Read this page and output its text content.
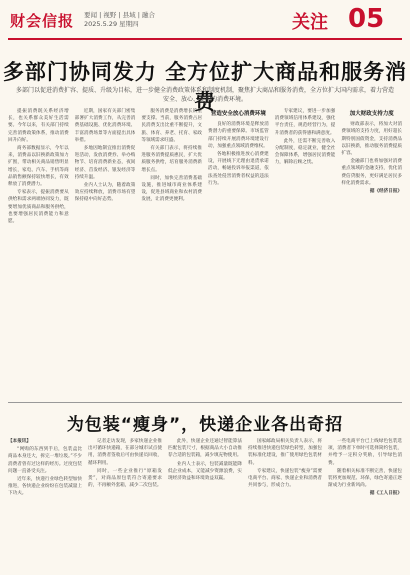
财会信报 要闻 | 视野 | 县域 | 融合
2025.5.29 星期四	关注 05
多部门协同发力 全方位扩大商品和服务消费
多部门以促进消费扩容、提质、升级为目标，进一步健全消费政策体系和制度机制，聚焦扩大商品和服务消费，全方位扩大国内需求，着力营造安全、放心、便利的消费环境。

提振消费既关系经济增长，也关系群众美好生活需要。今年以来，有关部门持续完善消费政策体系，推动消费回升向好。

商务部数据显示，今年以来，消费品以旧换新政策加力扩围，带动相关商品销售明显增长，家电、汽车、手机等商品销售额保持较快增长，有效释放了消费潜力。

专家表示，提振消费要从供给和需求两端协同发力，既要增加优质商品和服务供给，也要增强居民消费能力和意愿。

近期，国家有关部门密集部署扩大消费工作，从完善消费基础设施、优化消费环境、丰富消费场景等方面提出具体举措。

多地因地制宜推出消费促进活动，发放消费券、举办购物节、培育消费新业态，夜间经济、首发经济、银发经济等持续升温。

业内人士认为，随着政策效应持续释放，消费市场有望保持稳中向好态势。

服务消费是消费增长的重要支撑。当前，服务消费占居民消费支出比重不断提升，文旅、体育、养老、托育、家政等领域需求旺盛。

有关部门表示，将持续推进服务消费提质惠民，扩大优质服务供给，培育服务消费新增长点。

同时，加快完善消费基础设施，推进城市商业体系建设，促进县域商业和农村消费发展，让消费更便利。

营造安全放心消费环境

良好的消费环境是释放消费潜力的重要保障。市场监管部门持续开展消费环境建设行动，加强重点领域消费维权。

各地积极推进放心消费建设，开展线下无理由退货承诺活动，畅通投诉举报渠道，依法查处侵害消费者权益的违法行为。

专家建议，要进一步加强消费领域信用体系建设，强化平台责任，规范经营行为，提升消费者的获得感和满意度。

此外，还需不断完善收入分配制度，稳定就业，健全社会保障体系，增强居民消费能力，解除后顾之忧。

加大财政支持力度

财政部表示，将加大对消费领域的支持力度，用好超长期特别国债资金，支持消费品以旧换新，推动服务消费提质扩容。

金融部门也将加强对消费重点领域的金融支持，优化消费信贷服务，更好满足居民多样化消费需求。

据《经济日报》

为包装“瘦身”，快递企业各出奇招

【本报讯】

“网购的东西到手后，包装盒比商品本身还大，拆完一堆垃圾。”不少消费者曾有过这样的经历。过度包装问题一直备受关注。

近年来，快递行业绿色转型加快推进，各快递企业纷纷在包装减量上下功夫。

记者走访发现，多家快递企业推出可循环快递箱，在部分城市试点使用，消费者签收后可由快递员回收，循环利用。

同时，一些企业推行“原箱发货”，对商品原包装符合寄递要求的，不再额外套箱，减少二次包装。

此外，快递企业还通过智能算法匹配包装尺寸，根据商品大小自动推荐合适的包装箱，减少填充物使用。

业内人士表示，包装减量既能降低企业成本，又能减少资源浪费，实现经济效益和环境效益双赢。

国家邮政局相关负责人表示，将持续推进快递包装绿色转型，加强包装标准化建设，推广使用绿色包装材料。

专家建议，快递包装“瘦身”需要电商平台、商家、快递企业和消费者共同参与，形成合力。

一些电商平台已上线绿色包装选项，消费者下单时可选择简约包装，并给予一定积分奖励，引导绿色消费。

随着相关标准不断完善，快递包装将更加规范、环保，绿色寄递正逐渐成为行业新风尚。

据《工人日报》
